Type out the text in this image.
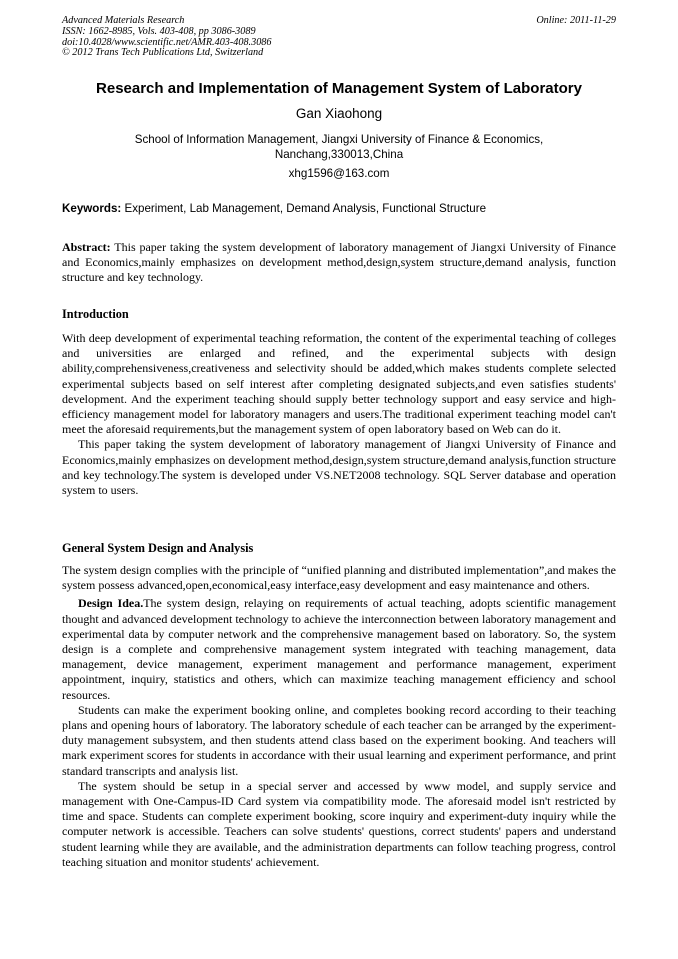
Advanced Materials Research
ISSN: 1662-8985, Vols. 403-408, pp 3086-3089
doi:10.4028/www.scientific.net/AMR.403-408.3086
© 2012 Trans Tech Publications Ltd, Switzerland
Online: 2011-11-29
Research and Implementation of Management System of Laboratory
Gan Xiaohong
School of Information Management, Jiangxi University of Finance & Economics,
Nanchang,330013,China
xhg1596@163.com
Keywords: Experiment, Lab Management, Demand Analysis, Functional Structure

Abstract: This paper taking the system development of laboratory management of Jiangxi University of Finance and Economics,mainly emphasizes on development method,design,system structure,demand analysis, function structure and key technology.

Introduction

With deep development of experimental teaching reformation, the content of the experimental teaching of colleges and universities are enlarged and refined, and the experimental subjects with design ability,comprehensiveness,creativeness and selectivity should be added,which makes students complete selected experimental subjects based on self interest after completing designated subjects,and even satisfies students' development. And the experiment teaching should supply better technology support and easy service and high-efficiency management model for laboratory managers and users.The traditional experiment teaching model can't meet the aforesaid requirements,but the management system of open laboratory based on Web can do it.

This paper taking the system development of laboratory management of Jiangxi University of Finance and Economics,mainly emphasizes on development method,design,system structure,demand analysis,function structure and key technology.The system is developed under VS.NET2008 technology. SQL Server database and operation system to users.

General System Design and Analysis

The system design complies with the principle of “unified planning and distributed implementation”,and makes the system possess advanced,open,economical,easy interface,easy development and easy maintenance and others.

Design Idea.The system design, relaying on requirements of actual teaching, adopts scientific management thought and advanced development technology to achieve the interconnection between laboratory management and experimental data by computer network and the comprehensive management based on laboratory. So, the system design is a complete and comprehensive management system integrated with teaching management, data management, device management, experiment management and performance management, experiment appointment, inquiry, statistics and others, which can maximize teaching management efficiency and school resources.

Students can make the experiment booking online, and completes booking record according to their teaching plans and opening hours of laboratory. The laboratory schedule of each teacher can be arranged by the experiment-duty management subsystem, and then students attend class based on the experiment booking. And teachers will mark experiment scores for students in accordance with their usual learning and experiment performance, and print standard transcripts and analysis list.

The system should be setup in a special server and accessed by www model, and supply service and management with One-Campus-ID Card system via compatibility mode. The aforesaid model isn't restricted by time and space. Students can complete experiment booking, score inquiry and experiment-duty inquiry while the computer network is accessible. Teachers can solve students' questions, correct students' papers and understand student learning while they are available, and the administration departments can follow teaching progress, control teaching situation and monitor students' achievement.
